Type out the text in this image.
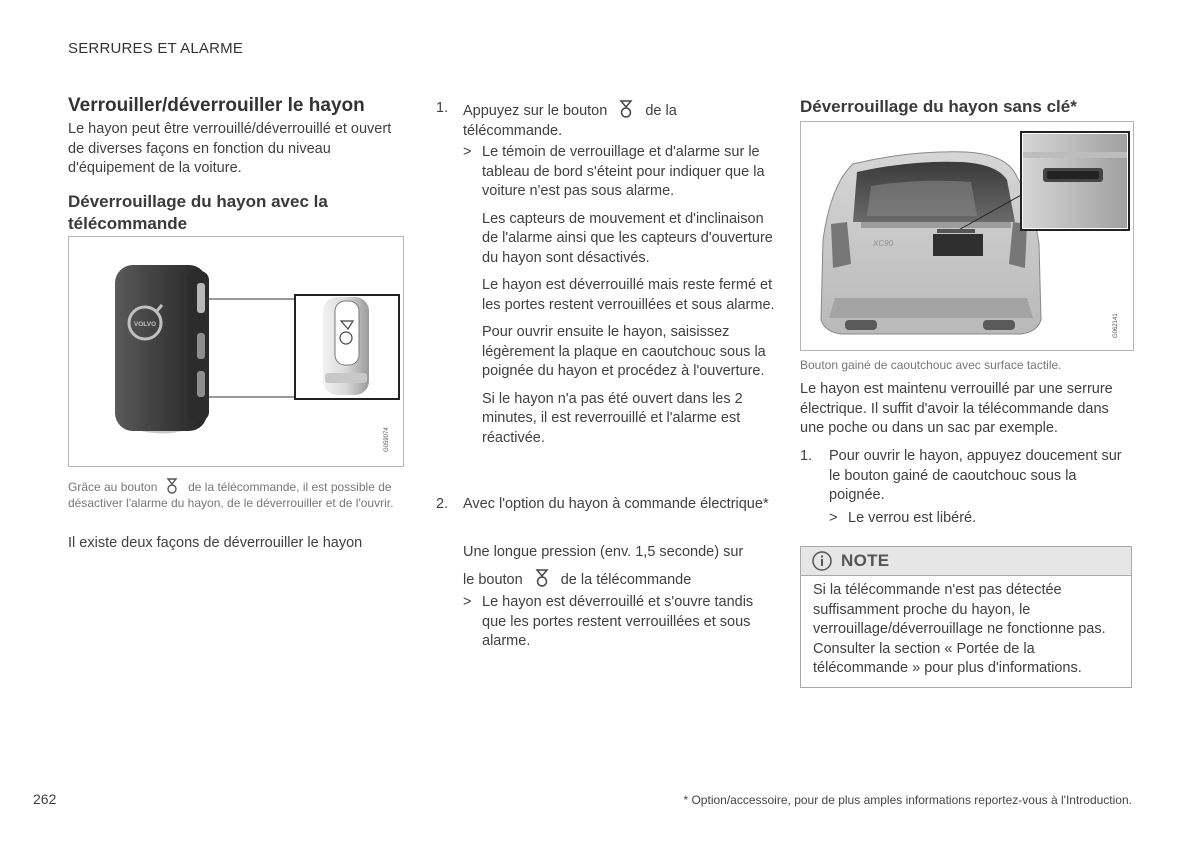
SERRURES ET ALARME
Verrouiller/déverrouiller le hayon
Le hayon peut être verrouillé/déverrouillé et ouvert de diverses façons en fonction du niveau d'équipement de la voiture.
Déverrouillage du hayon avec la télécommande
VOLVO
G059074
Grâce au bouton	de la télécommande, il est possible de désactiver l'alarme du hayon, de le déverrouiller et de l'ouvrir.
Il existe deux façons de déverrouiller le hayon
1. Appuyez sur le bouton	de la télécommande.
> Le témoin de verrouillage et d'alarme sur le tableau de bord s'éteint pour indiquer que la voiture n'est pas sous alarme.
Les capteurs de mouvement et d'inclinaison de l'alarme ainsi que les capteurs d'ouverture du hayon sont désactivés.
Le hayon est déverrouillé mais reste fermé et les portes restent verrouillées et sous alarme.
Pour ouvrir ensuite le hayon, saisissez légèrement la plaque en caoutchouc sous la poignée du hayon et procédez à l'ouverture.
Si le hayon n'a pas été ouvert dans les 2 minutes, il est reverrouillé et l'alarme est réactivée.
2. Avec l'option du hayon à commande électrique*
Une longue pression (env. 1,5 seconde) sur
le bouton	de la télécommande
> Le hayon est déverrouillé et s'ouvre tandis que les portes restent verrouillées et sous alarme.
Déverrouillage du hayon sans clé*
XC90
G062141
Bouton gainé de caoutchouc avec surface tactile.
Le hayon est maintenu verrouillé par une serrure électrique. Il suffit d'avoir la télécommande dans une poche ou dans un sac par exemple.
1. Pour ouvrir le hayon, appuyez doucement sur le bouton gainé de caoutchouc sous la poignée.
> Le verrou est libéré.
NOTE
Si la télécommande n'est pas détectée suffisamment proche du hayon, le verrouillage/déverrouillage ne fonctionne pas. Consulter la section « Portée de la télécommande » pour plus d'informations.
262	* Option/accessoire, pour de plus amples informations reportez-vous à l'Introduction.
